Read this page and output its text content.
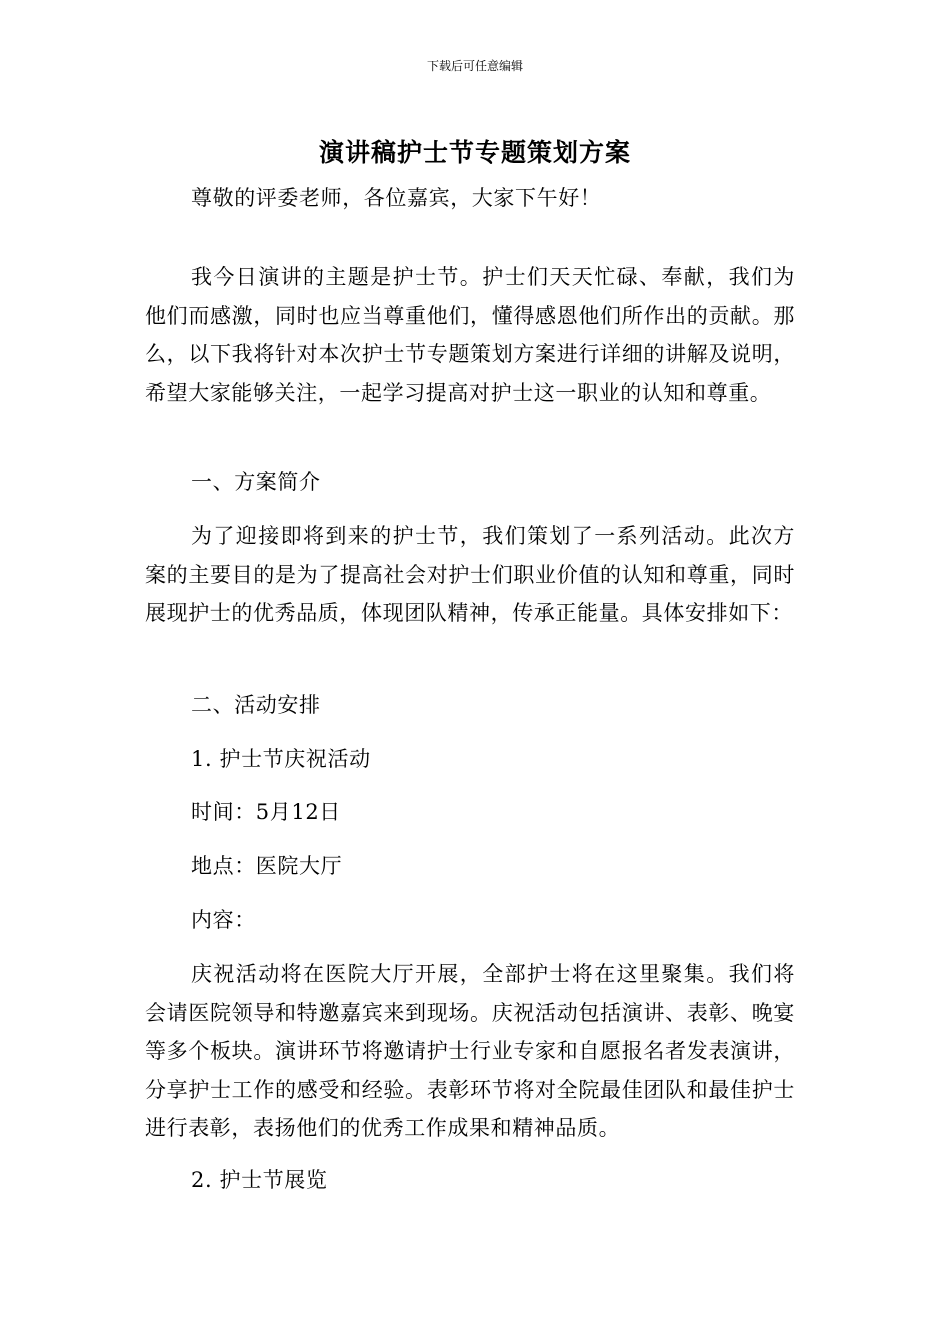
下载后可任意编辑
演讲稿护士节专题策划方案

尊敬的评委老师，各位嘉宾，大家下午好！

我今日演讲的主题是护士节。护士们天天忙碌、奉献，我们为他们而感激，同时也应当尊重他们，懂得感恩他们所作出的贡献。那么，以下我将针对本次护士节专题策划方案进行详细的讲解及说明，希望大家能够关注，一起学习提高对护士这一职业的认知和尊重。

一、方案简介

为了迎接即将到来的护士节，我们策划了一系列活动。此次方案的主要目的是为了提高社会对护士们职业价值的认知和尊重，同时展现护士的优秀品质，体现团队精神，传承正能量。具体安排如下：

二、活动安排

1. 护士节庆祝活动

时间：5月12日

地点：医院大厅

内容：

庆祝活动将在医院大厅开展，全部护士将在这里聚集。我们将会请医院领导和特邀嘉宾来到现场。庆祝活动包括演讲、表彰、晚宴等多个板块。演讲环节将邀请护士行业专家和自愿报名者发表演讲，分享护士工作的感受和经验。表彰环节将对全院最佳团队和最佳护士进行表彰，表扬他们的优秀工作成果和精神品质。

2. 护士节展览
